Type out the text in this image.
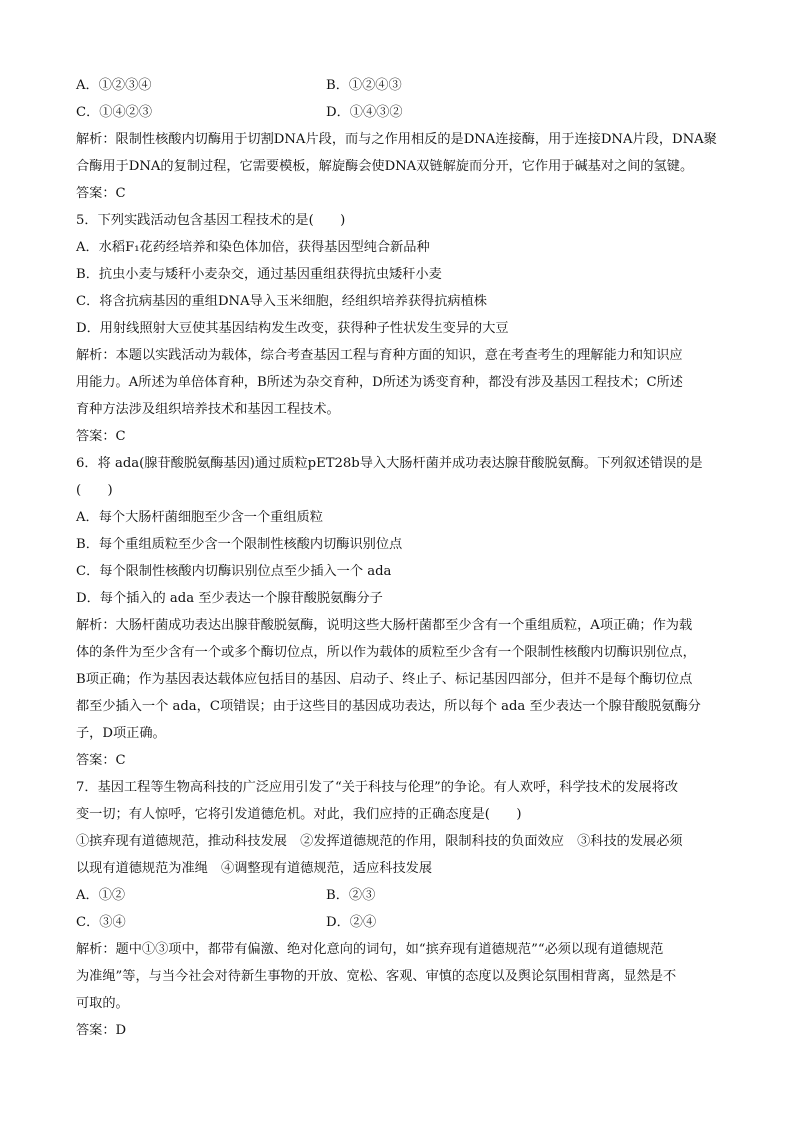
A．①②③④	B．①②④③
C．①④②③	D．①④③②
解析：限制性核酸内切酶用于切割DNA片段，而与之作用相反的是DNA连接酶，用于连接DNA片段，DNA聚
合酶用于DNA的复制过程，它需要模板，解旋酶会使DNA双链解旋而分开，它作用于碱基对之间的氢键。
答案：C
5．下列实践活动包含基因工程技术的是(　　)
A．水稻F₁花药经培养和染色体加倍，获得基因型纯合新品种
B．抗虫小麦与矮秆小麦杂交，通过基因重组获得抗虫矮秆小麦
C．将含抗病基因的重组DNA导入玉米细胞，经组织培养获得抗病植株
D．用射线照射大豆使其基因结构发生改变，获得种子性状发生变异的大豆
解析：本题以实践活动为载体，综合考查基因工程与育种方面的知识，意在考查考生的理解能力和知识应
用能力。A所述为单倍体育种，B所述为杂交育种，D所述为诱变育种，都没有涉及基因工程技术；C所述
育种方法涉及组织培养技术和基因工程技术。
答案：C
6．将 ada(腺苷酸脱氨酶基因)通过质粒pET28b导入大肠杆菌并成功表达腺苷酸脱氨酶。下列叙述错误的是
(　　)
A．每个大肠杆菌细胞至少含一个重组质粒
B．每个重组质粒至少含一个限制性核酸内切酶识别位点
C．每个限制性核酸内切酶识别位点至少插入一个 ada
D．每个插入的 ada 至少表达一个腺苷酸脱氨酶分子
解析：大肠杆菌成功表达出腺苷酸脱氨酶，说明这些大肠杆菌都至少含有一个重组质粒，A项正确；作为载
体的条件为至少含有一个或多个酶切位点，所以作为载体的质粒至少含有一个限制性核酸内切酶识别位点，
B项正确；作为基因表达载体应包括目的基因、启动子、终止子、标记基因四部分，但并不是每个酶切位点
都至少插入一个 ada，C项错误；由于这些目的基因成功表达，所以每个 ada 至少表达一个腺苷酸脱氨酶分
子，D项正确。
答案：C
7．基因工程等生物高科技的广泛应用引发了“关于科技与伦理”的争论。有人欢呼，科学技术的发展将改
变一切；有人惊呼，它将引发道德危机。对此，我们应持的正确态度是(　　)
①摈弃现有道德规范，推动科技发展　②发挥道德规范的作用，限制科技的负面效应　③科技的发展必须
以现有道德规范为准绳　④调整现有道德规范，适应科技发展
A．①②	B．②③
C．③④	D．②④
解析：题中①③项中，都带有偏激、绝对化意向的词句，如“摈弃现有道德规范”“必须以现有道德规范
为准绳”等，与当今社会对待新生事物的开放、宽松、客观、审慎的态度以及舆论氛围相背离，显然是不
可取的。
答案：D
